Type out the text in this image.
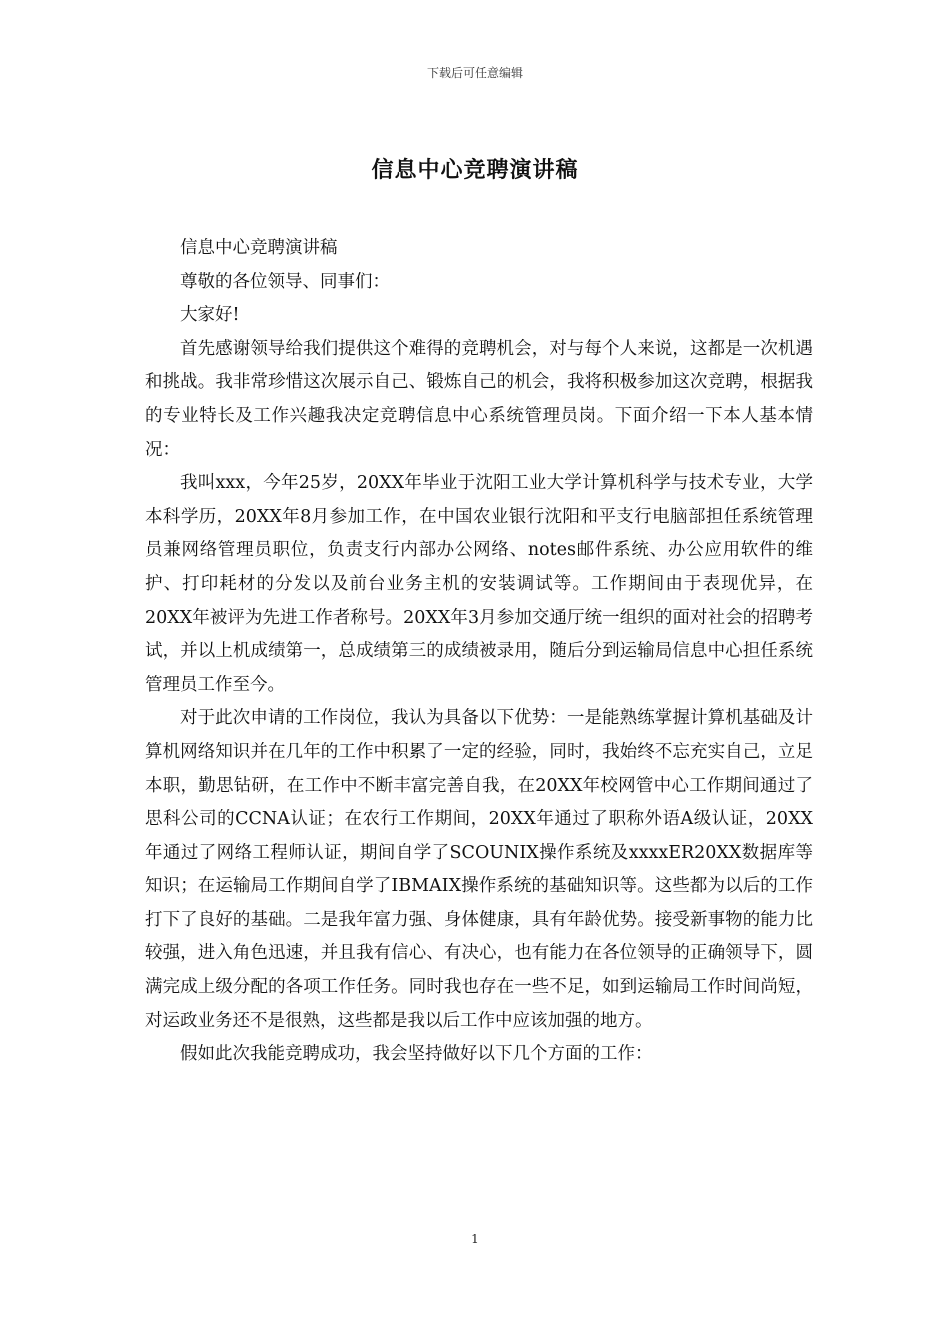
下载后可任意编辑
信息中心竞聘演讲稿

信息中心竞聘演讲稿

尊敬的各位领导、同事们：

大家好!

首先感谢领导给我们提供这个难得的竞聘机会，对与每个人来说，这都是一次机遇和挑战。我非常珍惜这次展示自己、锻炼自己的机会，我将积极参加这次竞聘，根据我的专业特长及工作兴趣我决定竞聘信息中心系统管理员岗。下面介绍一下本人基本情况：

我叫xxx，今年25岁，20XX年毕业于沈阳工业大学计算机科学与技术专业，大学本科学历，20XX年8月参加工作，在中国农业银行沈阳和平支行电脑部担任系统管理员兼网络管理员职位，负责支行内部办公网络、notes邮件系统、办公应用软件的维护、打印耗材的分发以及前台业务主机的安装调试等。工作期间由于表现优异，在20XX年被评为先进工作者称号。20XX年3月参加交通厅统一组织的面对社会的招聘考试，并以上机成绩第一，总成绩第三的成绩被录用，随后分到运输局信息中心担任系统管理员工作至今。

对于此次申请的工作岗位，我认为具备以下优势：一是能熟练掌握计算机基础及计算机网络知识并在几年的工作中积累了一定的经验，同时，我始终不忘充实自己，立足本职，勤思钻研，在工作中不断丰富完善自我，在20XX年校网管中心工作期间通过了思科公司的CCNA认证；在农行工作期间，20XX年通过了职称外语A级认证，20XX年通过了网络工程师认证，期间自学了SCOUNIX操作系统及xxxxER20XX数据库等知识；在运输局工作期间自学了IBMAIX操作系统的基础知识等。这些都为以后的工作打下了良好的基础。二是我年富力强、身体健康，具有年龄优势。接受新事物的能力比较强，进入角色迅速，并且我有信心、有决心，也有能力在各位领导的正确领导下，圆满完成上级分配的各项工作任务。同时我也存在一些不足，如到运输局工作时间尚短，对运政业务还不是很熟，这些都是我以后工作中应该加强的地方。

假如此次我能竞聘成功，我会坚持做好以下几个方面的工作：

1
